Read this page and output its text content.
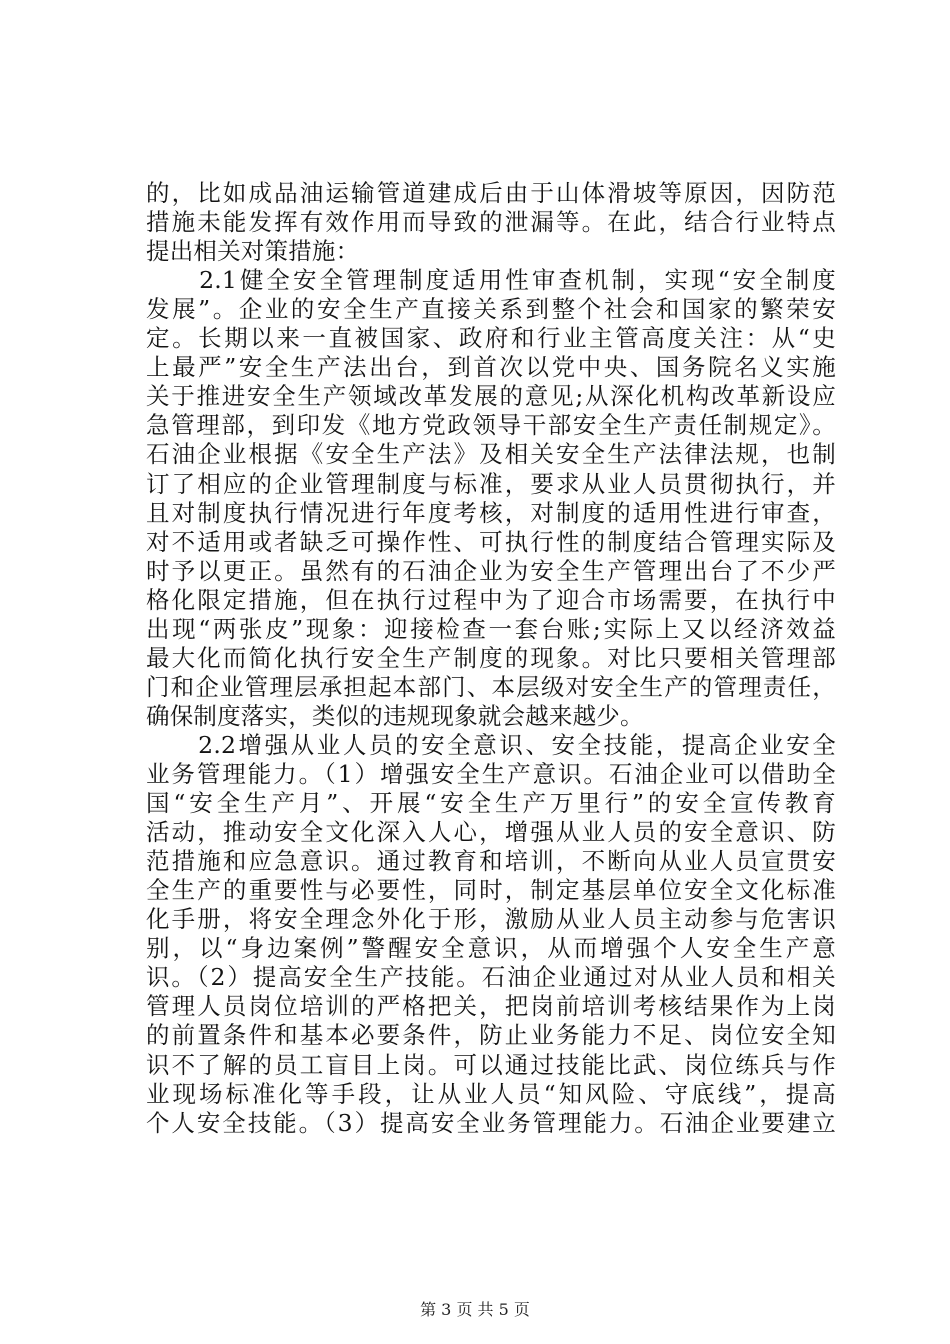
的，比如成品油运输管道建成后由于山体滑坡等原因，因防范
措施未能发挥有效作用而导致的泄漏等。在此，结合行业特点
提出相关对策措施：
　　2.1健全安全管理制度适用性审查机制，实现“安全制度
发展”。企业的安全生产直接关系到整个社会和国家的繁荣安
定。长期以来一直被国家、政府和行业主管高度关注：从“史
上最严”安全生产法出台，到首次以党中央、国务院名义实施
关于推进安全生产领域改革发展的意见;从深化机构改革新设应
急管理部，到印发《地方党政领导干部安全生产责任制规定》。
石油企业根据《安全生产法》及相关安全生产法律法规，也制
订了相应的企业管理制度与标准，要求从业人员贯彻执行，并
且对制度执行情况进行年度考核，对制度的适用性进行审查，
对不适用或者缺乏可操作性、可执行性的制度结合管理实际及
时予以更正。虽然有的石油企业为安全生产管理出台了不少严
格化限定措施，但在执行过程中为了迎合市场需要，在执行中
出现“两张皮”现象：迎接检查一套台账;实际上又以经济效益
最大化而简化执行安全生产制度的现象。对比只要相关管理部
门和企业管理层承担起本部门、本层级对安全生产的管理责任，
确保制度落实，类似的违规现象就会越来越少。
　　2.2增强从业人员的安全意识、安全技能，提高企业安全
业务管理能力。（1）增强安全生产意识。石油企业可以借助全
国“安全生产月”、开展“安全生产万里行”的安全宣传教育
活动，推动安全文化深入人心，增强从业人员的安全意识、防
范措施和应急意识。通过教育和培训，不断向从业人员宣贯安
全生产的重要性与必要性，同时，制定基层单位安全文化标准
化手册，将安全理念外化于形，激励从业人员主动参与危害识
别，以“身边案例”警醒安全意识，从而增强个人安全生产意
识。（2）提高安全生产技能。石油企业通过对从业人员和相关
管理人员岗位培训的严格把关，把岗前培训考核结果作为上岗
的前置条件和基本必要条件，防止业务能力不足、岗位安全知
识不了解的员工盲目上岗。可以通过技能比武、岗位练兵与作
业现场标准化等手段，让从业人员“知风险、守底线”，提高
个人安全技能。（3）提高安全业务管理能力。石油企业要建立
第 3 页 共 5 页
